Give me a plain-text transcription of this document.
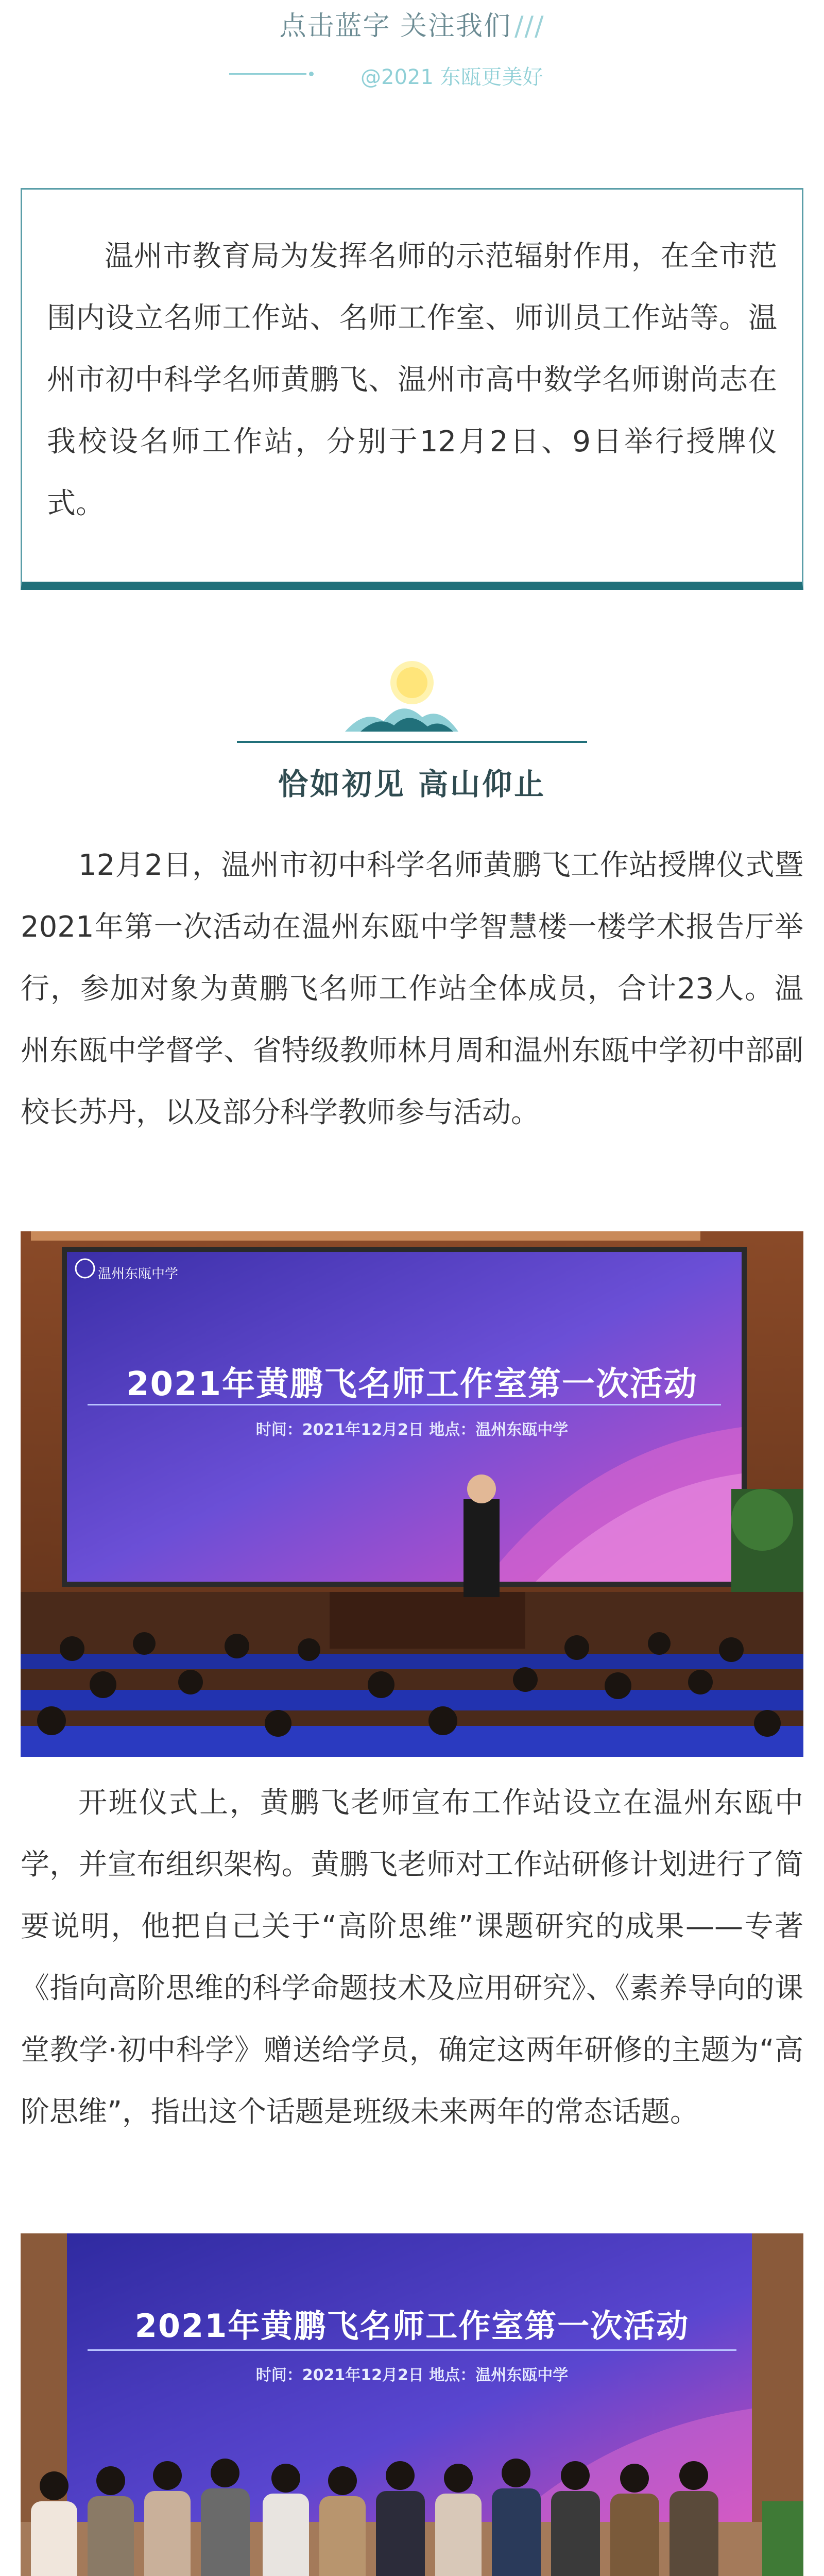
点击蓝字 关注我们 ///
@2021 东瓯更美好

温州市教育局为发挥名师的示范辐射作用，在全市范围内设立名师工作站、名师工作室、师训员工作站等。温州市初中科学名师黄鹏飞、温州市高中数学名师谢尚志在我校设名师工作站，分别于12月2日、9日举行授牌仪式。

恰如初见 高山仰止

12月2日，温州市初中科学名师黄鹏飞工作站授牌仪式暨2021年第一次活动在温州东瓯中学智慧楼一楼学术报告厅举行，参加对象为黄鹏飞名师工作站全体成员，合计23人。温州东瓯中学督学、省特级教师林月周和温州东瓯中学初中部副校长苏丹，以及部分科学教师参与活动。

温州东瓯中学
2021年黄鹏飞名师工作室第一次活动
时间：2021年12月2日 地点：温州东瓯中学

开班仪式上，黄鹏飞老师宣布工作站设立在温州东瓯中学，并宣布组织架构。黄鹏飞老师对工作站研修计划进行了简要说明，他把自己关于“高阶思维”课题研究的成果——专著《指向高阶思维的科学命题技术及应用研究》、《素养导向的课堂教学·初中科学》赠送给学员，确定这两年研修的主题为“高阶思维”，指出这个话题是班级未来两年的常态话题。

2021年黄鹏飞名师工作室第一次活动
时间：2021年12月2日 地点：温州东瓯中学
